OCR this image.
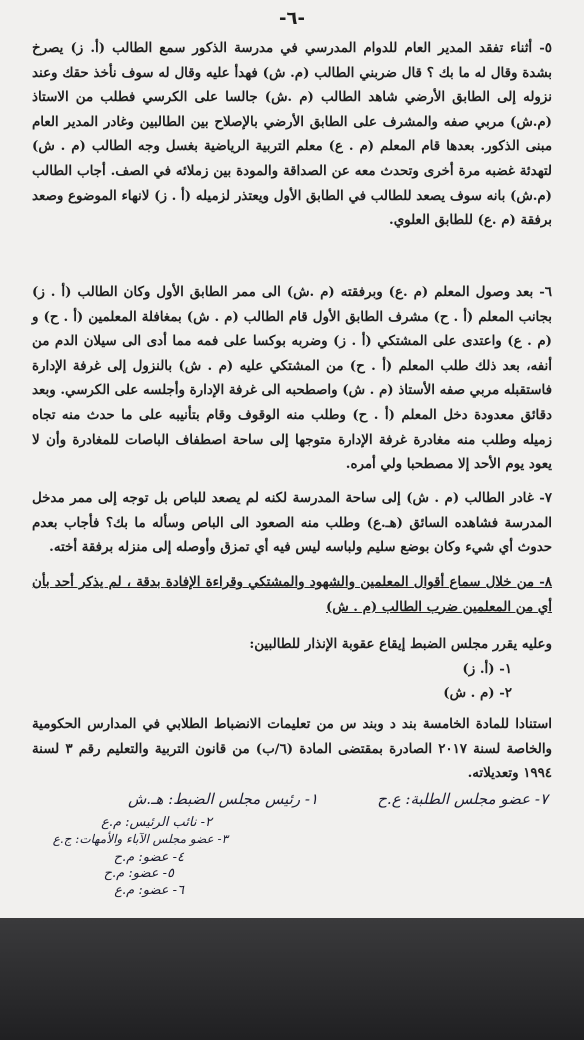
-٦-
٥- أثناء تفقد المدير العام للدوام المدرسي في مدرسة الذكور سمع الطالب (أ. ز) يصرخ بشدة وقال له ما بك ؟ قال ضربني الطالب (م. ش) فهدأ عليه وقال له سوف نأخذ حقك وعند نزوله إلى الطابق الأرضي شاهد الطالب (م .ش) جالسا على الكرسي فطلب من الاستاذ (م.ش) مربي صفه والمشرف على الطابق الأرضي بالإصلاح بين الطالبين وغادر المدير العام مبنى الذكور. بعدها قام المعلم (م . ع) معلم التربية الرياضية بغسل وجه الطالب (م . ش) لتهدئة غضبه مرة أخرى وتحدث معه عن الصداقة والمودة بين زملائه في الصف. أجاب الطالب (م.ش) بانه سوف يصعد للطالب في الطابق الأول ويعتذر لزميله (أ . ز) لانهاء الموضوع وصعد برفقة (م .ع) للطابق العلوي.
٦- بعد وصول المعلم (م .ع) وبرفقته (م .ش) الى ممر الطابق الأول وكان الطالب (أ . ز) بجانب المعلم (أ . ح) مشرف الطابق الأول قام الطالب (م . ش) بمغافلة المعلمين (أ . ح) و (م . ع) واعتدى على المشتكي (أ . ز) وضربه بوكسا على فمه مما أدى الى سيلان الدم من أنفه، بعد ذلك طلب المعلم (أ . ح) من المشتكي عليه (م . ش) بالنزول إلى غرفة الإدارة فاستقبله مربي صفه الأستاذ (م . ش) واصطحبه الى غرفة الإدارة وأجلسه على الكرسي. وبعد دقائق معدودة دخل المعلم (أ . ح) وطلب منه الوقوف وقام بتأنيبه على ما حدث منه تجاه زميله وطلب منه مغادرة غرفة الإدارة متوجها إلى ساحة اصطفاف الباصات للمغادرة وأن لا يعود يوم الأحد إلا مصطحبا ولي أمره.
٧- غادر الطالب (م . ش) إلى ساحة المدرسة لكنه لم يصعد للباص بل توجه إلى ممر مدخل المدرسة فشاهده السائق (هـ.ع) وطلب منه الصعود الى الباص وسأله ما بك؟ فأجاب بعدم حدوث أي شيء وكان بوضع سليم ولباسه ليس فيه أي تمزق وأوصله إلى منزله برفقة أخته.
٨- من خلال سماع أقوال المعلمين والشهود والمشتكي وقراءة الإفادة بدقة ، لم يذكر أحد بأن أي من المعلمين ضرب الطالب (م . ش)
وعليه يقرر مجلس الضبط إيقاع عقوبة الإنذار للطالبين:
١- (أ. ز)
٢- (م . ش)
استنادا للمادة الخامسة بند د وبند س من تعليمات الانضباط الطلابي في المدارس الحكومية والخاصة لسنة ٢٠١٧ الصادرة بمقتضى المادة (٦/ب) من قانون التربية والتعليم رقم ٣ لسنة ١٩٩٤ وتعديلاته.
١- رئيس مجلس الضبط: هـ.ش	٧- عضو مجلس الطلبة: ع.ح
٢- نائب الرئيس: م.ع
٣- عضو مجلس الآباء والأمهات: ج.ع
٤- عضو: م.ح
٥- عضو: م.ح
٦- عضو: م.ع
